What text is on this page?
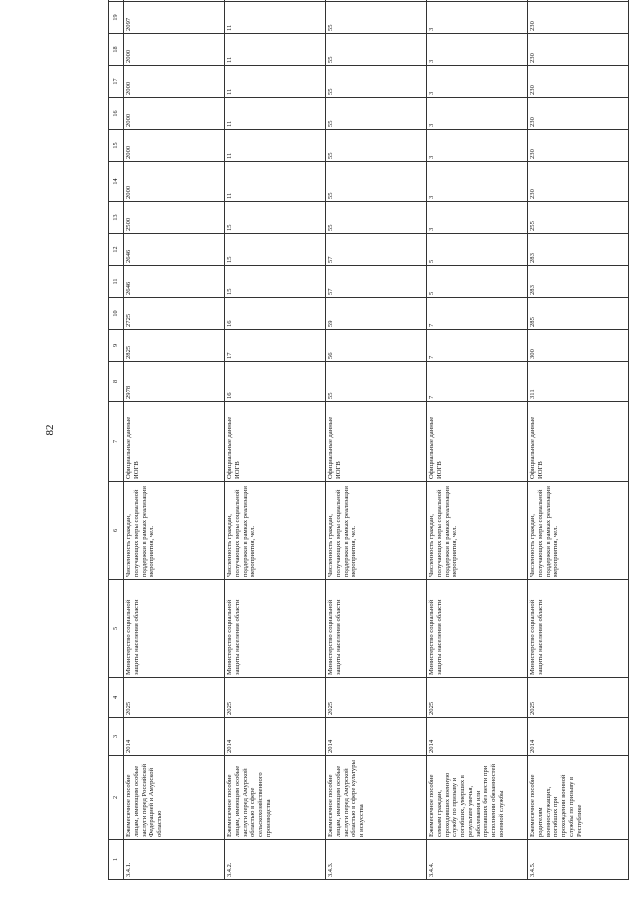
82
1	2	3	4	5	6	7	8	9	10	11	12	13	14	15	16	17	18	19	
3.4.1.	Ежемесячное пособие лицам, имеющим особые заслуги перед Российской Федерацией и Амурской областью	2014	2025	Министерство социальной защиты населения области	Численность граждан, получающих меры социальной поддержки в рамках реализации мероприятия, чел.	Официальные данные ИОГВ	2978	2825	2725	2646	2646	2500	2000	2000	2000	2000	2000	2097	
3.4.2.	Ежемесячное пособие лицам, имеющим особые заслуги перед Амурской областью в сфере сельскохозяйственного производства	2014	2025	Министерство социальной защиты населения области	Численность граждан, получающих меры социальной поддержки в рамках реализации мероприятия, чел.	Официальные данные ИОГВ	16	17	16	15	15	15	11	11	11	11	11	11	
3.4.3.	Ежемесячное пособие лицам, имеющим особые заслуги перед Амурской областью в сфере культуры и искусства	2014	2025	Министерство социальной защиты населения области	Численность граждан, получающих меры социальной поддержки в рамках реализации мероприятия, чел.	Официальные данные ИОГВ	55	56	59	57	57	55	55	55	55	55	55	55	
3.4.4.	Ежемесячное пособие семьям граждан, проходивших военную службу по призыву и погибших, умерших в результате увечья, заболевания или пропавших без вести при исполнении обязанностей военной службы	2014	2025	Министерство социальной защиты населения области	Численность граждан, получающих меры социальной поддержки в рамках реализации мероприятия, чел.	Официальные данные ИОГВ	7	7	7	5	5	3	3	3	3	3	3	3	
3.4.5.	Ежемесячное пособие родителям военнослужащих, погибших при прохождении военной службы по призыву в Республике	2014	2025	Министерство социальной защиты населения области	Численность граждан, получающих меры социальной поддержки в рамках реализации мероприятия, чел.	Официальные данные ИОГВ	311	300	285	283	283	255	230	230	230	230	230	230	
